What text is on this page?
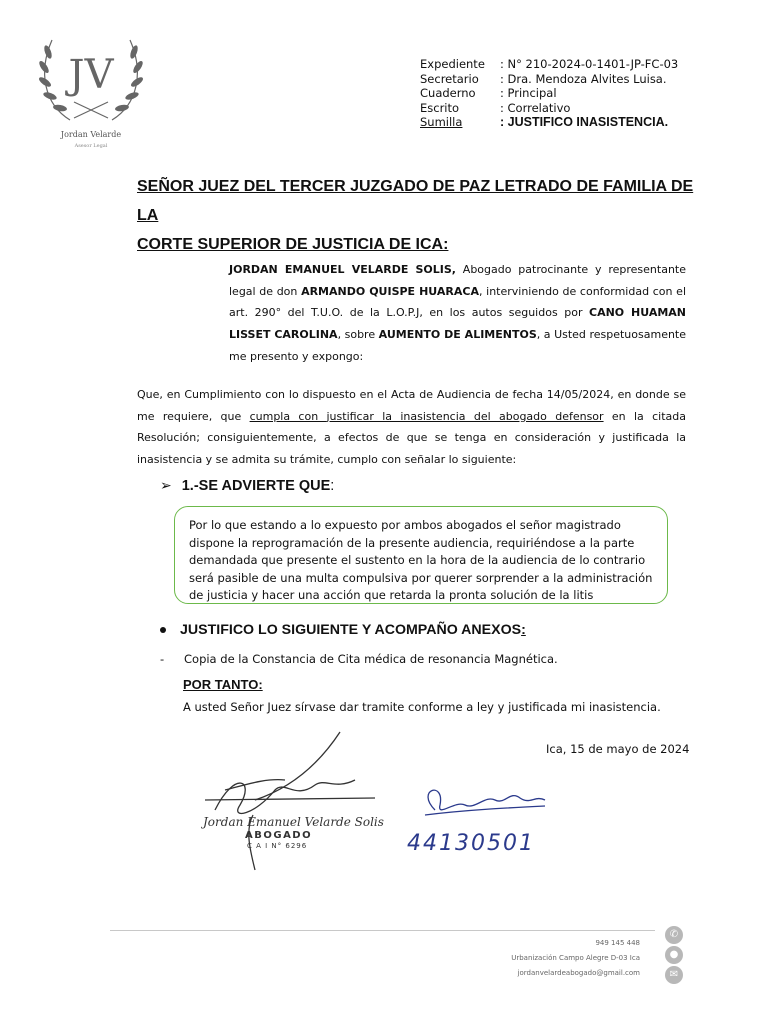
JV
Jordan Velarde
Asesor Legal
Expediente	: N° 210-2024-0-1401-JP-FC-03
Secretario	: Dra. Mendoza Alvites Luisa.
Cuaderno	: Principal
Escrito	: Correlativo
Sumilla	: JUSTIFICO INASISTENCIA.
SEÑOR JUEZ DEL TERCER JUZGADO DE PAZ LETRADO DE FAMILIA DE LA
CORTE SUPERIOR DE JUSTICIA DE ICA:
JORDAN EMANUEL VELARDE SOLIS, Abogado patrocinante y representante legal de don ARMANDO QUISPE HUARACA, interviniendo de conformidad con el art. 290° del T.U.O. de la L.O.P.J, en los autos seguidos por CANO HUAMAN LISSET CAROLINA, sobre AUMENTO DE ALIMENTOS, a Usted respetuosamente me presento y expongo:
Que, en Cumplimiento con lo dispuesto en el Acta de Audiencia de fecha 14/05/2024, en donde se me requiere, que cumpla con justificar la inasistencia del abogado defensor en la citada Resolución; consiguientemente, a efectos de que se tenga en consideración y justificada la inasistencia y se admita su trámite, cumplo con señalar lo siguiente:
➢ 1.- SE ADVIERTE QUE :
Por lo que estando a lo expuesto por ambos abogados el señor magistrado dispone la reprogramación de la presente audiencia, requiriéndose a la parte demandada que presente el sustento en la hora de la audiencia de lo contrario será pasible de una multa compulsiva por querer sorprender a la administración de justicia y hacer una acción que retarda la pronta solución de la litis
JUSTIFICO LO SIGUIENTE Y ACOMPAÑO ANEXOS :
- Copia de la Constancia de Cita médica de resonancia Magnética.
POR TANTO:
A usted Señor Juez sírvase dar tramite conforme a ley y justificada mi inasistencia.
Ica, 15 de mayo de 2024
Jordan Emanuel Velarde Solis
ABOGADO
C A I N° 6296	44130501
949 145 448
Urbanización Campo Alegre D-03 Ica
jordanvelardeabogado@gmail.com
✆
●
✉
